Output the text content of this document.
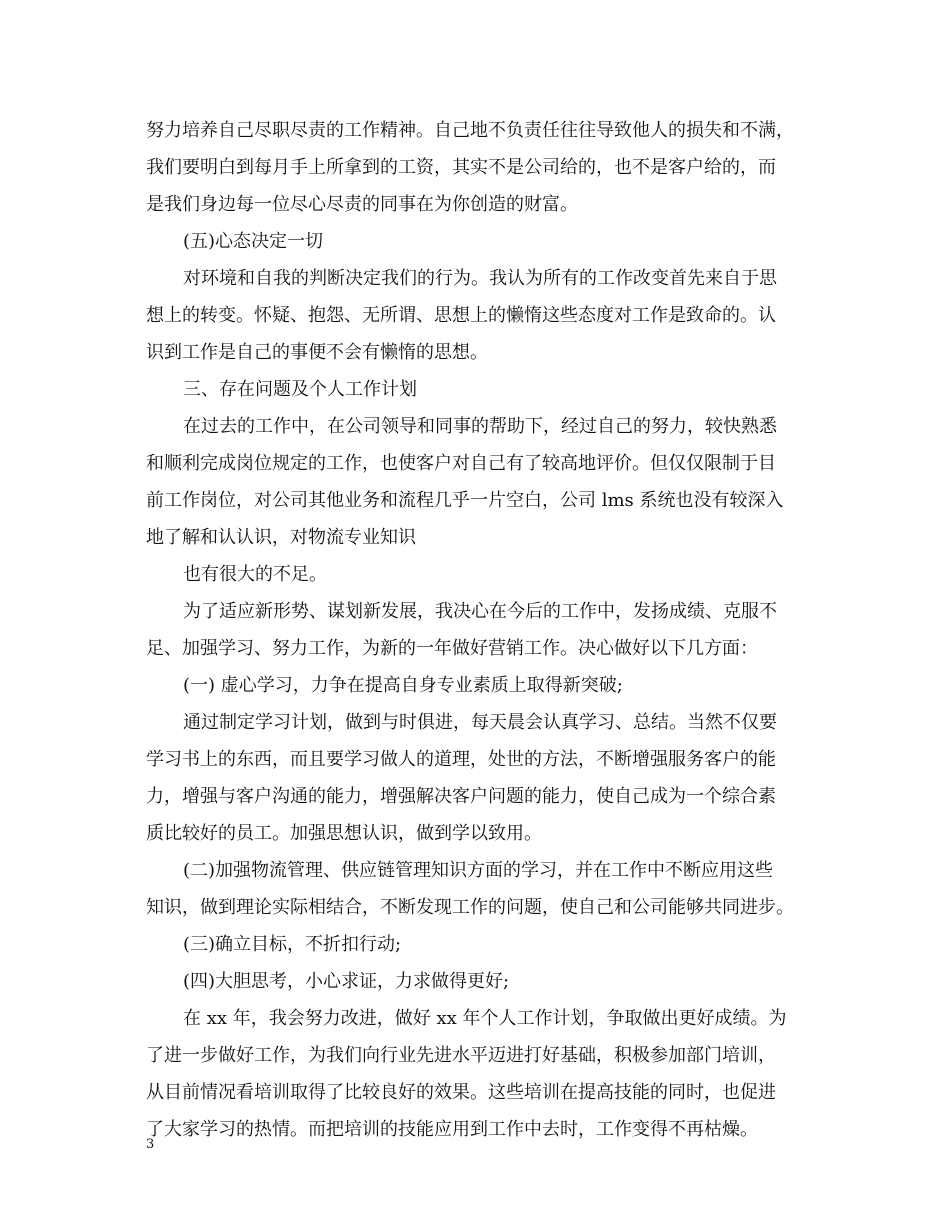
努力培养自己尽职尽责的工作精神。自己地不负责任往往导致他人的损失和不满，
我们要明白到每月手上所拿到的工资，其实不是公司给的，也不是客户给的，而
是我们身边每一位尽心尽责的同事在为你创造的财富。
(五)心态决定一切
对环境和自我的判断决定我们的行为。我认为所有的工作改变首先来自于思
想上的转变。怀疑、抱怨、无所谓、思想上的懒惰这些态度对工作是致命的。认
识到工作是自己的事便不会有懒惰的思想。
三、存在问题及个人工作计划
在过去的工作中，在公司领导和同事的帮助下，经过自己的努力，较快熟悉
和顺利完成岗位规定的工作，也使客户对自己有了较高地评价。但仅仅限制于目
前工作岗位，对公司其他业务和流程几乎一片空白，公司 lms 系统也没有较深入
地了解和认认识，对物流专业知识
也有很大的不足。
为了适应新形势、谋划新发展，我决心在今后的工作中，发扬成绩、克服不
足、加强学习、努力工作，为新的一年做好营销工作。决心做好以下几方面：
(一) 虚心学习，力争在提高自身专业素质上取得新突破;
通过制定学习计划，做到与时俱进，每天晨会认真学习、总结。当然不仅要
学习书上的东西，而且要学习做人的道理，处世的方法，不断增强服务客户的能
力，增强与客户沟通的能力，增强解决客户问题的能力，使自己成为一个综合素
质比较好的员工。加强思想认识，做到学以致用。
(二)加强物流管理、供应链管理知识方面的学习，并在工作中不断应用这些
知识，做到理论实际相结合，不断发现工作的问题，使自己和公司能够共同进步。
(三)确立目标，不折扣行动;
(四)大胆思考，小心求证，力求做得更好;
在 xx 年，我会努力改进，做好 xx 年个人工作计划，争取做出更好成绩。为
了进一步做好工作，为我们向行业先进水平迈进打好基础，积极参加部门培训，
从目前情况看培训取得了比较良好的效果。这些培训在提高技能的同时，也促进
了大家学习的热情。而把培训的技能应用到工作中去时，工作变得不再枯燥。
3
